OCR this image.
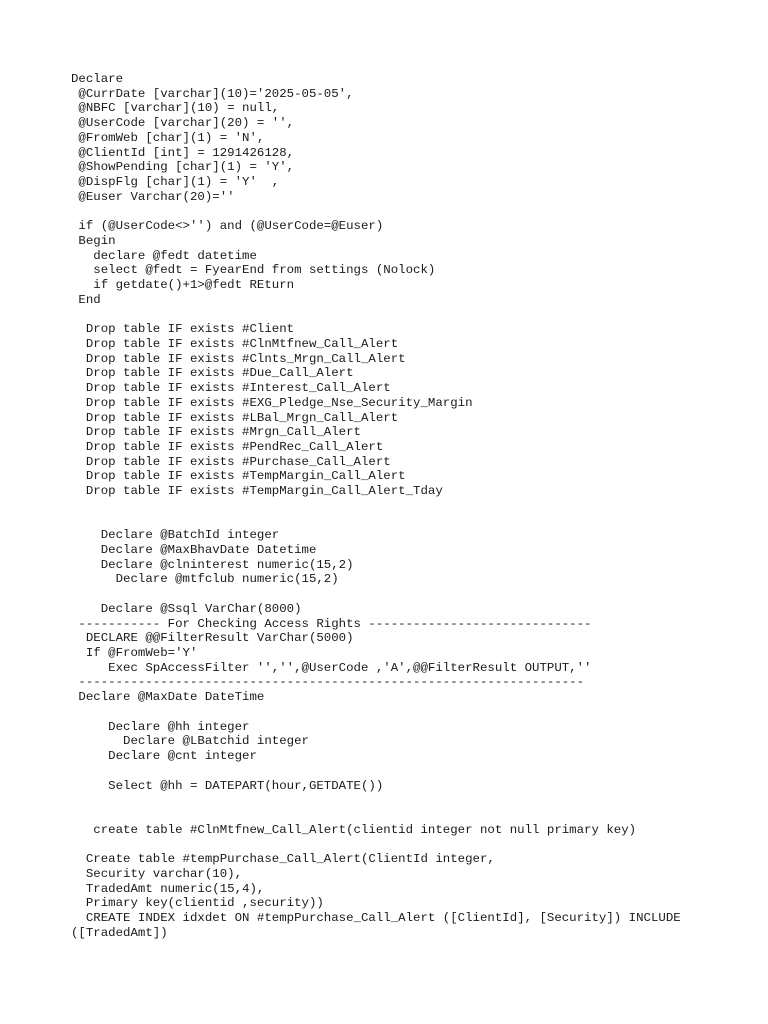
Declare
@CurrDate [varchar](10)='2025-05-05',
@NBFC [varchar](10) = null,
@UserCode [varchar](20) = '',
@FromWeb [char](1) = 'N',
@ClientId [int] = 1291426128,
@ShowPending [char](1) = 'Y',
@DispFlg [char](1) = 'Y'  ,
@Euser Varchar(20)=''
if (@UserCode<>'') and (@UserCode=@Euser)
Begin
declare @fedt datetime
select @fedt = FyearEnd from settings (Nolock)
if getdate()+1>@fedt REturn
End
Drop table IF exists #Client
Drop table IF exists #ClnMtfnew_Call_Alert
Drop table IF exists #Clnts_Mrgn_Call_Alert
Drop table IF exists #Due_Call_Alert
Drop table IF exists #Interest_Call_Alert
Drop table IF exists #EXG_Pledge_Nse_Security_Margin
Drop table IF exists #LBal_Mrgn_Call_Alert
Drop table IF exists #Mrgn_Call_Alert
Drop table IF exists #PendRec_Call_Alert
Drop table IF exists #Purchase_Call_Alert
Drop table IF exists #TempMargin_Call_Alert
Drop table IF exists #TempMargin_Call_Alert_Tday
Declare @BatchId integer
Declare @MaxBhavDate Datetime
Declare @clninterest numeric(15,2)
Declare @mtfclub numeric(15,2)
Declare @Ssql VarChar(8000)
----------- For Checking Access Rights ------------------------------
DECLARE @@FilterResult VarChar(5000)
If @FromWeb='Y'
Exec SpAccessFilter '','',@UserCode ,'A',@@FilterResult OUTPUT,''
--------------------------------------------------------------------
Declare @MaxDate DateTime
Declare @hh integer
Declare @LBatchid integer
Declare @cnt integer
Select @hh = DATEPART(hour,GETDATE())
create table #ClnMtfnew_Call_Alert(clientid integer not null primary key)
Create table #tempPurchase_Call_Alert(ClientId integer,
Security varchar(10),
TradedAmt numeric(15,4),
Primary key(clientid ,security))
CREATE INDEX idxdet ON #tempPurchase_Call_Alert ([ClientId], [Security]) INCLUDE
([TradedAmt])
